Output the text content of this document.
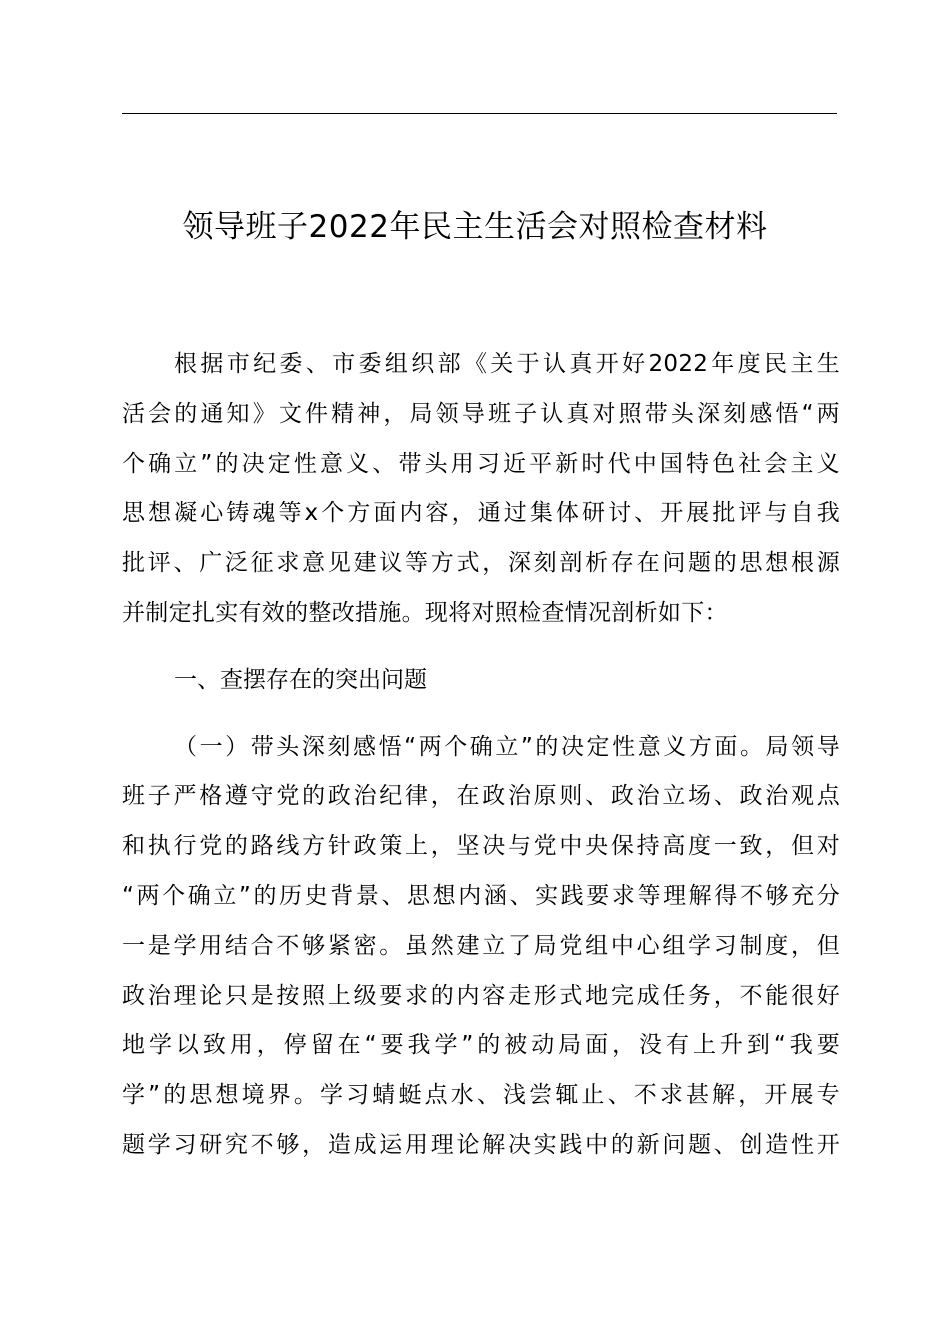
领导班子2022年民主生活会对照检查材料
根据市纪委、市委组织部《关于认真开好2022年度民主生
活会的通知》文件精神，局领导班子认真对照带头深刻感悟“两
个确立”的决定性意义、带头用习近平新时代中国特色社会主义
思想凝心铸魂等x个方面内容，通过集体研讨、开展批评与自我
批评、广泛征求意见建议等方式，深刻剖析存在问题的思想根源
并制定扎实有效的整改措施。现将对照检查情况剖析如下：
一、查摆存在的突出问题
（一）带头深刻感悟“两个确立”的决定性意义方面。局领导
班子严格遵守党的政治纪律，在政治原则、政治立场、政治观点
和执行党的路线方针政策上，坚决与党中央保持高度一致，但对
“两个确立”的历史背景、思想内涵、实践要求等理解得不够充分
一是学用结合不够紧密。虽然建立了局党组中心组学习制度，但
政治理论只是按照上级要求的内容走形式地完成任务，不能很好
地学以致用，停留在“要我学”的被动局面，没有上升到“我要
学”的思想境界。学习蜻蜓点水、浅尝辄止、不求甚解，开展专
题学习研究不够，造成运用理论解决实践中的新问题、创造性开
